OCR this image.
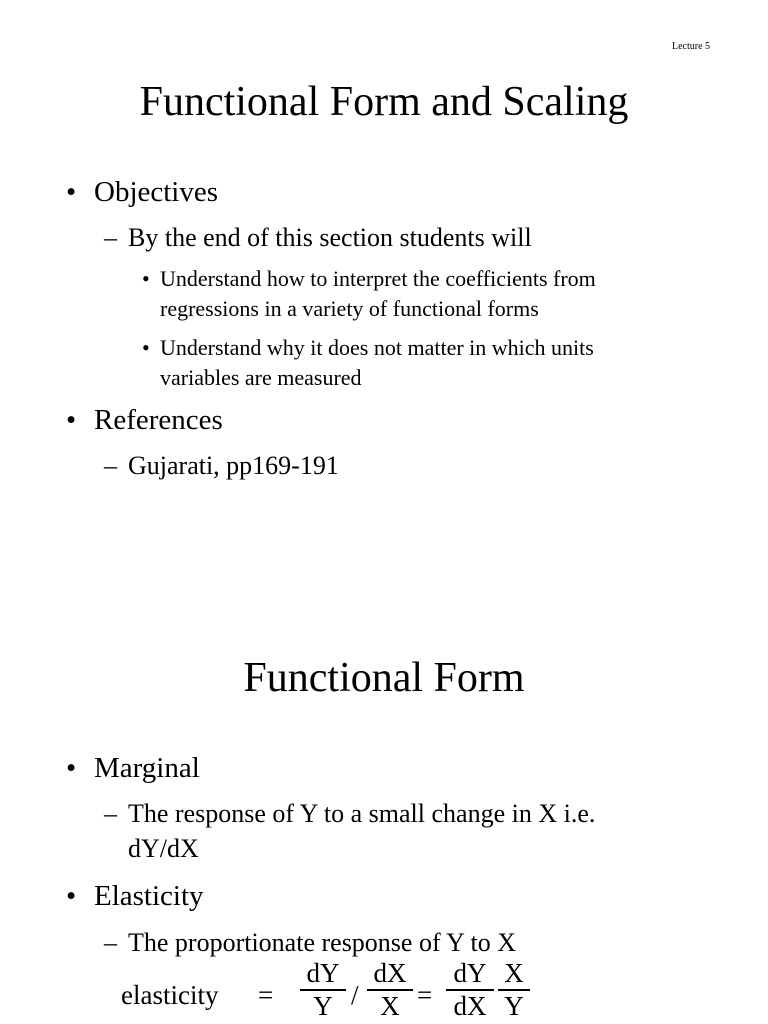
Lecture 5
Functional Form and Scaling
• Objectives
– By the end of this section students will
• Understand how to interpret the coefficients from
regressions in a variety of functional forms
• Understand why it does not matter in which units
variables are measured
• References
– Gujarati, pp169-191
Functional Form
• Marginal
– The response of Y to a small change in X i.e.
dY/dX
• Elasticity
– The proportionate response of Y to X
elasticity =
dY
Y /
dX
X =
dY
dX
X
Y
